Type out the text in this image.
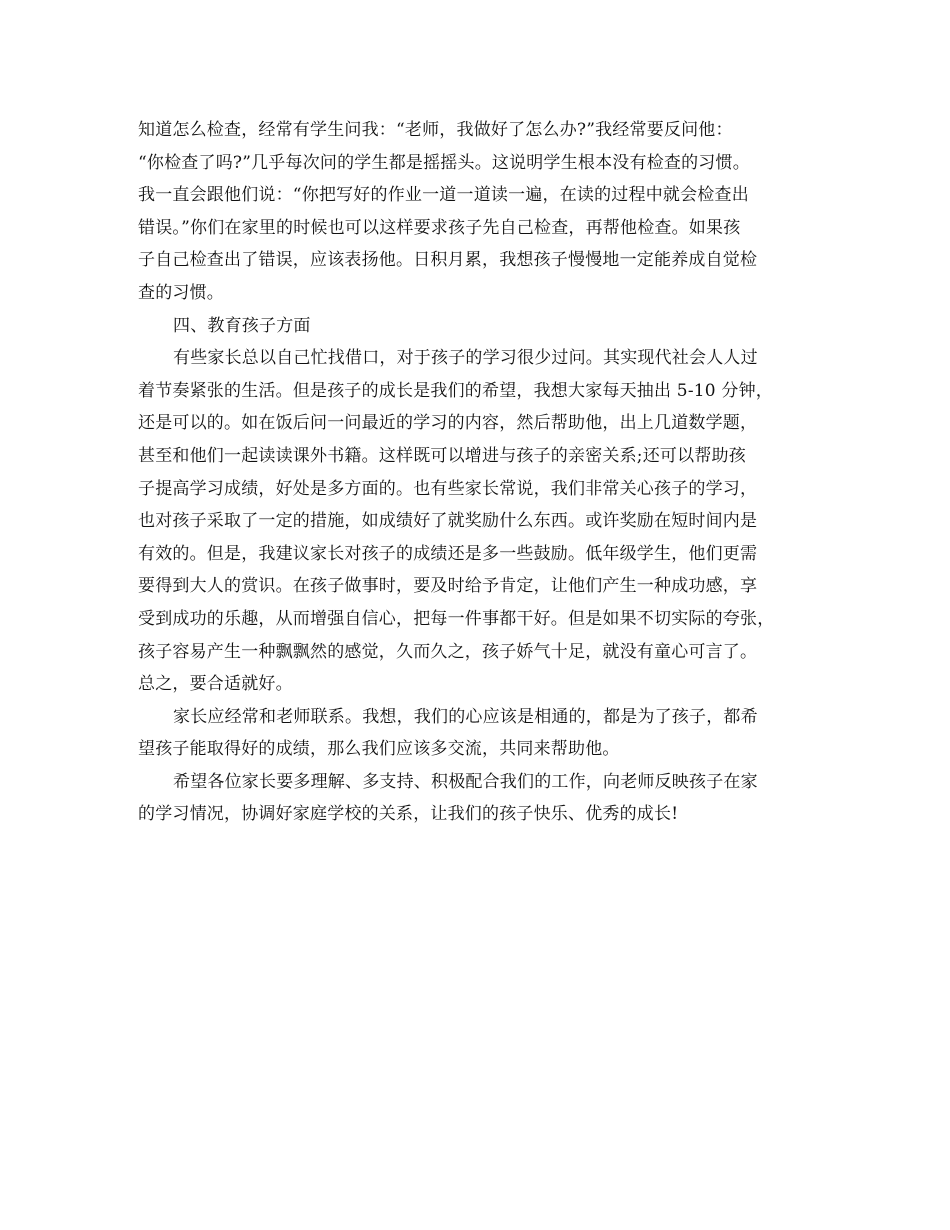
知道怎么检查，经常有学生问我：“老师，我做好了怎么办?”我经常要反问他：
“你检查了吗?”几乎每次问的学生都是摇摇头。这说明学生根本没有检查的习惯。
我一直会跟他们说：“你把写好的作业一道一道读一遍，在读的过程中就会检查出
错误。”你们在家里的时候也可以这样要求孩子先自己检查，再帮他检查。如果孩
子自己检查出了错误，应该表扬他。日积月累，我想孩子慢慢地一定能养成自觉检
查的习惯。
四、教育孩子方面
有些家长总以自己忙找借口，对于孩子的学习很少过问。其实现代社会人人过
着节奏紧张的生活。但是孩子的成长是我们的希望，我想大家每天抽出 5-10 分钟，
还是可以的。如在饭后问一问最近的学习的内容，然后帮助他，出上几道数学题，
甚至和他们一起读读课外书籍。这样既可以增进与孩子的亲密关系;还可以帮助孩
子提高学习成绩，好处是多方面的。也有些家长常说，我们非常关心孩子的学习，
也对孩子采取了一定的措施，如成绩好了就奖励什么东西。或许奖励在短时间内是
有效的。但是，我建议家长对孩子的成绩还是多一些鼓励。低年级学生，他们更需
要得到大人的赏识。在孩子做事时，要及时给予肯定，让他们产生一种成功感，享
受到成功的乐趣，从而增强自信心，把每一件事都干好。但是如果不切实际的夸张，
孩子容易产生一种飘飘然的感觉，久而久之，孩子娇气十足，就没有童心可言了。
总之，要合适就好。
家长应经常和老师联系。我想，我们的心应该是相通的，都是为了孩子，都希
望孩子能取得好的成绩，那么我们应该多交流，共同来帮助他。
希望各位家长要多理解、多支持、积极配合我们的工作，向老师反映孩子在家
的学习情况，协调好家庭学校的关系，让我们的孩子快乐、优秀的成长!
